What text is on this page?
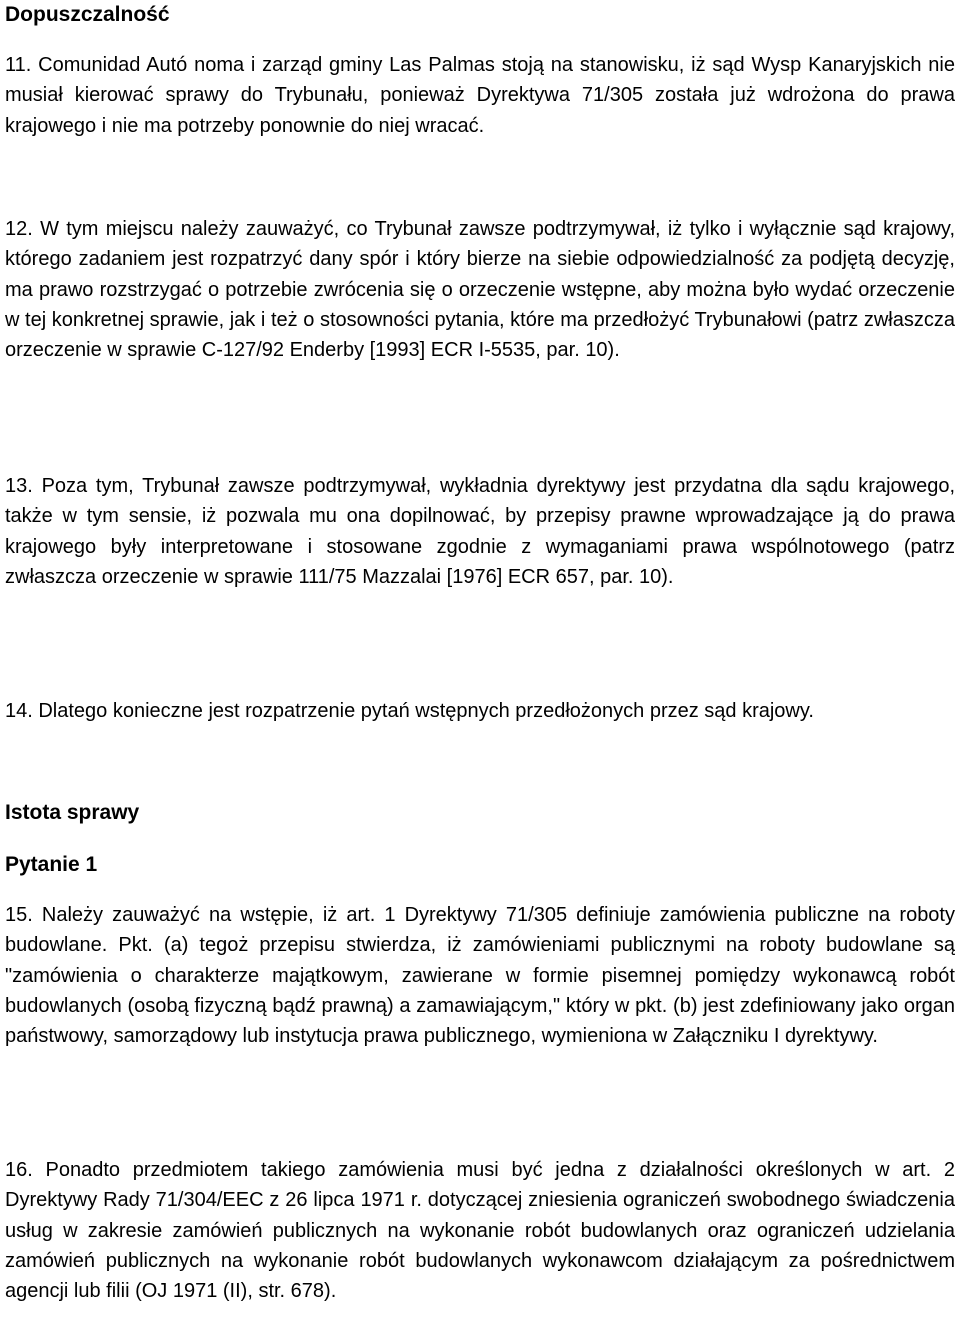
Dopuszczalność

11. Comunidad Autó noma i zarząd gminy Las Palmas stoją na stanowisku, iż sąd Wysp Kanaryjskich nie musiał kierować sprawy do Trybunału, ponieważ Dyrektywa 71/305 została już wdrożona do prawa krajowego i nie ma potrzeby ponownie do niej wracać.

12. W tym miejscu należy zauważyć, co Trybunał zawsze podtrzymywał, iż tylko i wyłącznie sąd krajowy, którego zadaniem jest rozpatrzyć dany spór i który bierze na siebie odpowiedzialność za podjętą decyzję, ma prawo rozstrzygać o potrzebie zwrócenia się o orzeczenie wstępne, aby można było wydać orzeczenie w tej konkretnej sprawie, jak i też o stosowności pytania, które ma przedłożyć Trybunałowi (patrz zwłaszcza orzeczenie w sprawie C-127/92 Enderby [1993] ECR I-5535, par. 10).

13. Poza tym, Trybunał zawsze podtrzymywał, wykładnia dyrektywy jest przydatna dla sądu krajowego, także w tym sensie, iż pozwala mu ona dopilnować, by przepisy prawne wprowadzające ją do prawa krajowego były interpretowane i stosowane zgodnie z wymaganiami prawa wspólnotowego (patrz zwłaszcza orzeczenie w sprawie 111/75 Mazzalai [1976] ECR 657, par. 10).

14. Dlatego konieczne jest rozpatrzenie pytań wstępnych przedłożonych przez sąd krajowy.

Istota sprawy
Pytanie 1

15. Należy zauważyć na wstępie, iż art. 1 Dyrektywy 71/305 definiuje zamówienia publiczne na roboty budowlane. Pkt. (a) tegoż przepisu stwierdza, iż zamówieniami publicznymi na roboty budowlane są "zamówienia o charakterze majątkowym, zawierane w formie pisemnej pomiędzy wykonawcą robót budowlanych (osobą fizyczną bądź prawną) a zamawiającym," który w pkt. (b) jest zdefiniowany jako organ państwowy, samorządowy lub instytucja prawa publicznego, wymieniona w Załączniku I dyrektywy.

16. Ponadto przedmiotem takiego zamówienia musi być jedna z działalności określonych w art. 2 Dyrektywy Rady 71/304/EEC z 26 lipca 1971 r. dotyczącej zniesienia ograniczeń swobodnego świadczenia usług w zakresie zamówień publicznych na wykonanie robót budowlanych oraz ograniczeń udzielania zamówień publicznych na wykonanie robót budowlanych wykonawcom działającym za pośrednictwem agencji lub filii (OJ 1971 (II), str. 678).
